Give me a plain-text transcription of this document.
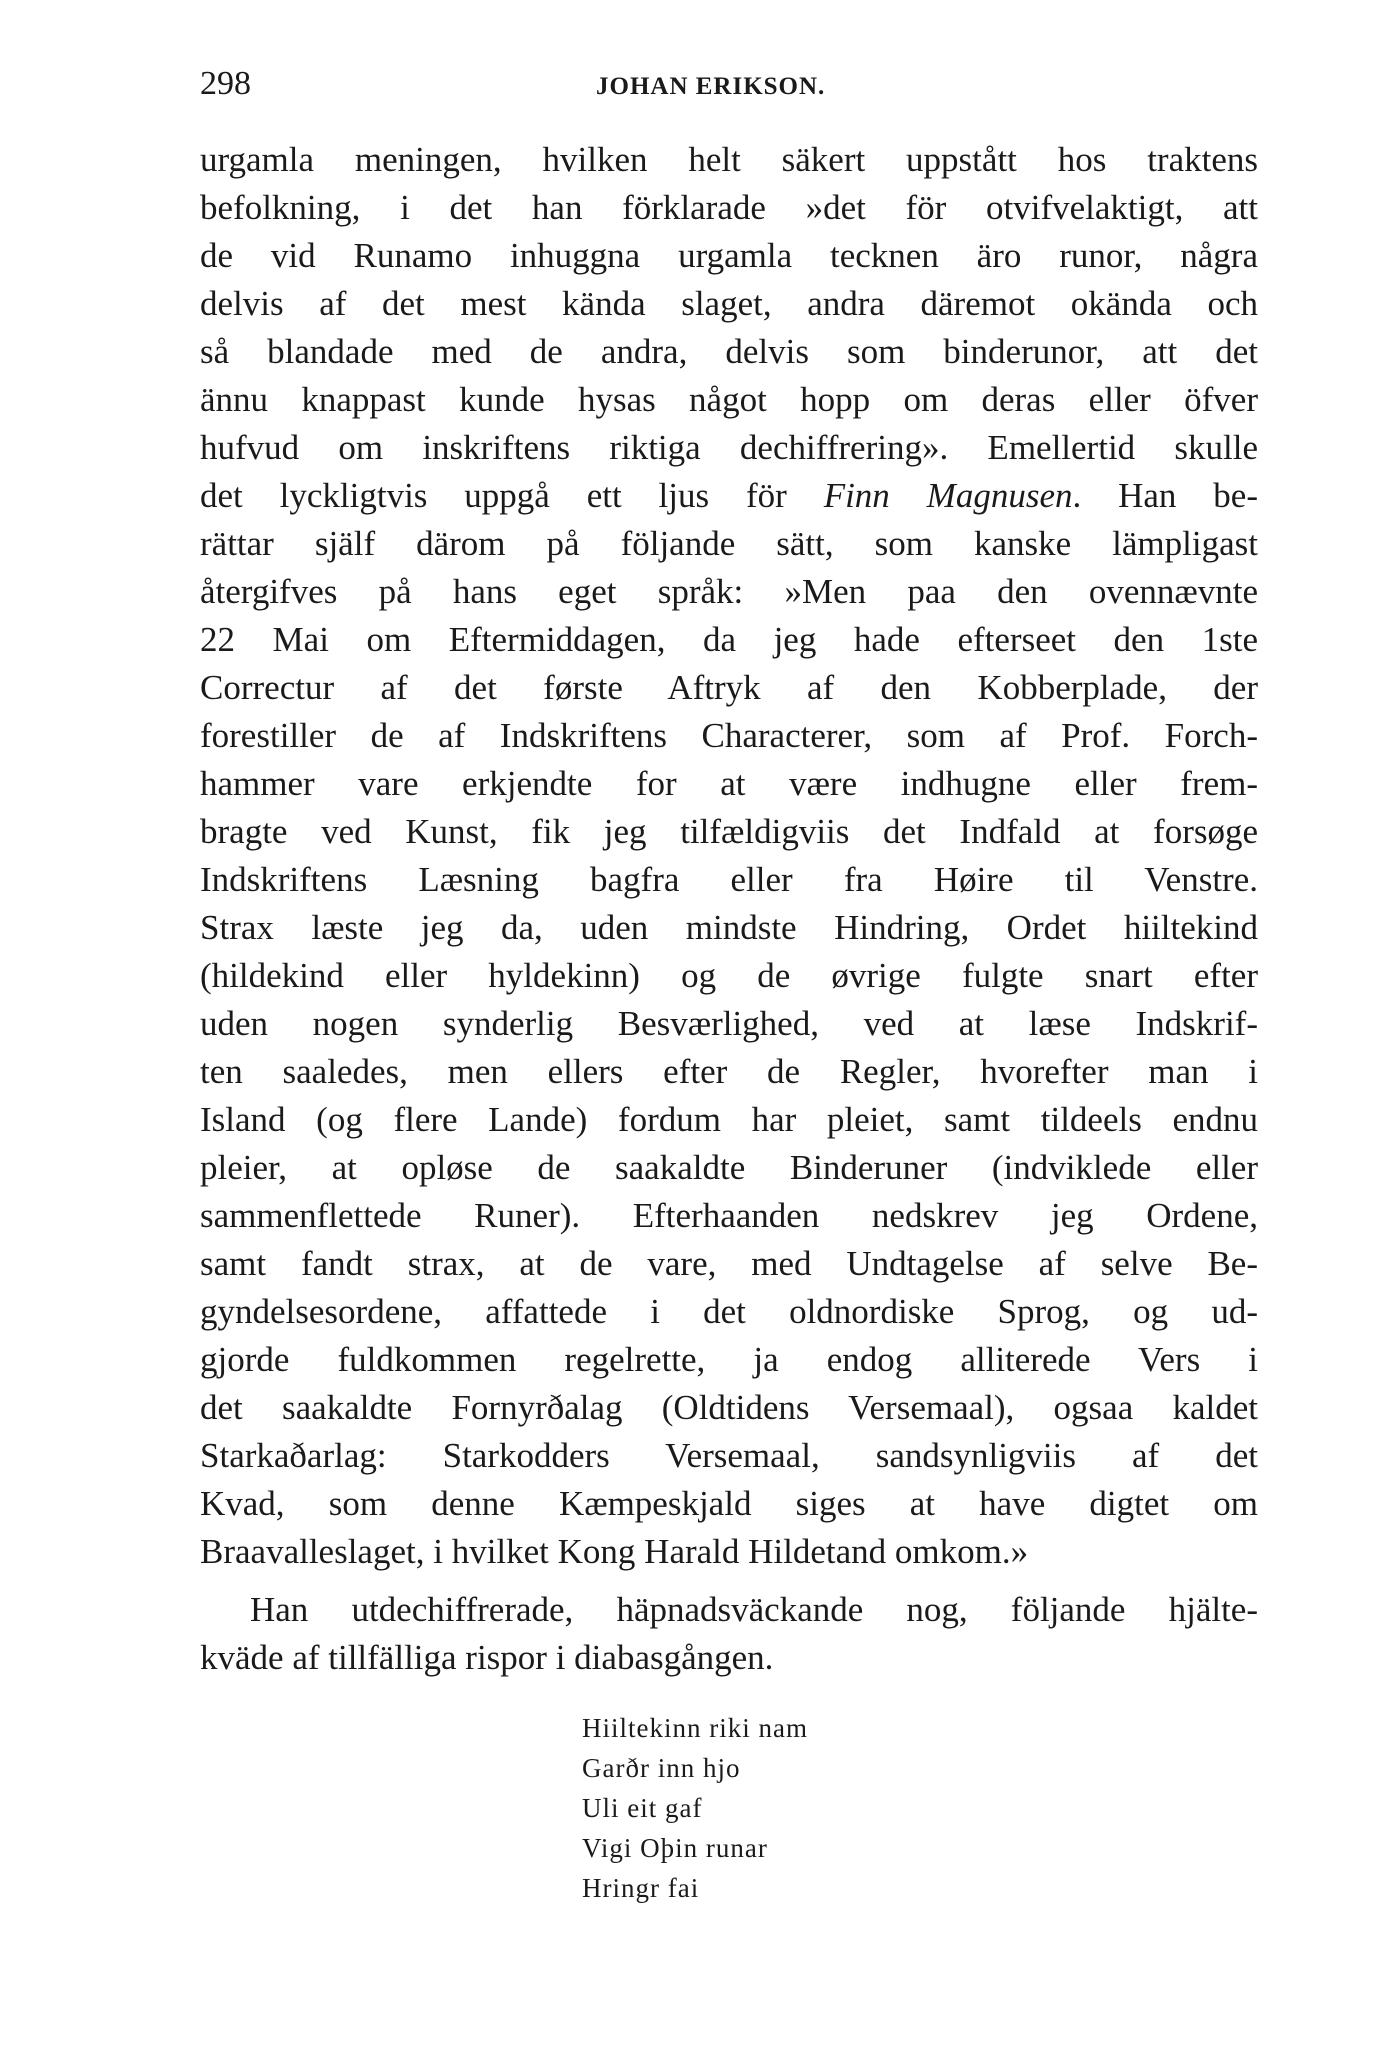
298	JOHAN ERIKSON.
urgamla meningen, hvilken helt säkert uppstått hos traktens
befolkning, i det han förklarade »det för otvifvelaktigt, att
de vid Runamo inhuggna urgamla tecknen äro runor, några
delvis af det mest kända slaget, andra däremot okända och
så blandade med de andra, delvis som binderunor, att det
ännu knappast kunde hysas något hopp om deras eller öfver
hufvud om inskriftens riktiga dechiffrering». Emellertid skulle
det lyckligtvis uppgå ett ljus för Finn Magnusen. Han be-
rättar själf därom på följande sätt, som kanske lämpligast
återgifves på hans eget språk: »Men paa den ovennævnte
22 Mai om Eftermiddagen, da jeg hade efterseet den 1ste
Correctur af det første Aftryk af den Kobberplade, der
forestiller de af Indskriftens Characterer, som af Prof. Forch-
hammer vare erkjendte for at være indhugne eller frem-
bragte ved Kunst, fik jeg tilfældigviis det Indfald at forsøge
Indskriftens Læsning bagfra eller fra Høire til Venstre.
Strax læste jeg da, uden mindste Hindring, Ordet hiiltekind
(hildekind eller hyldekinn) og de øvrige fulgte snart efter
uden nogen synderlig Besværlighed, ved at læse Indskrif-
ten saaledes, men ellers efter de Regler, hvorefter man i
Island (og flere Lande) fordum har pleiet, samt tildeels endnu
pleier, at opløse de saakaldte Binderuner (indviklede eller
sammenflettede Runer). Efterhaanden nedskrev jeg Ordene,
samt fandt strax, at de vare, med Undtagelse af selve Be-
gyndelsesordene, affattede i det oldnordiske Sprog, og ud-
gjorde fuldkommen regelrette, ja endog alliterede Vers i
det saakaldte Fornyrðalag (Oldtidens Versemaal), ogsaa kaldet
Starkaðarlag: Starkodders Versemaal, sandsynligviis af det
Kvad, som denne Kæmpeskjald siges at have digtet om
Braavalleslaget, i hvilket Kong Harald Hildetand omkom.»
Han utdechiffrerade, häpnadsväckande nog, följande hjälte-
kväde af tillfälliga rispor i diabasgången.
Hiiltekinn riki nam
Garðr inn hjo
Uli eit gaf
Vigi Oþin runar
Hringr fai
